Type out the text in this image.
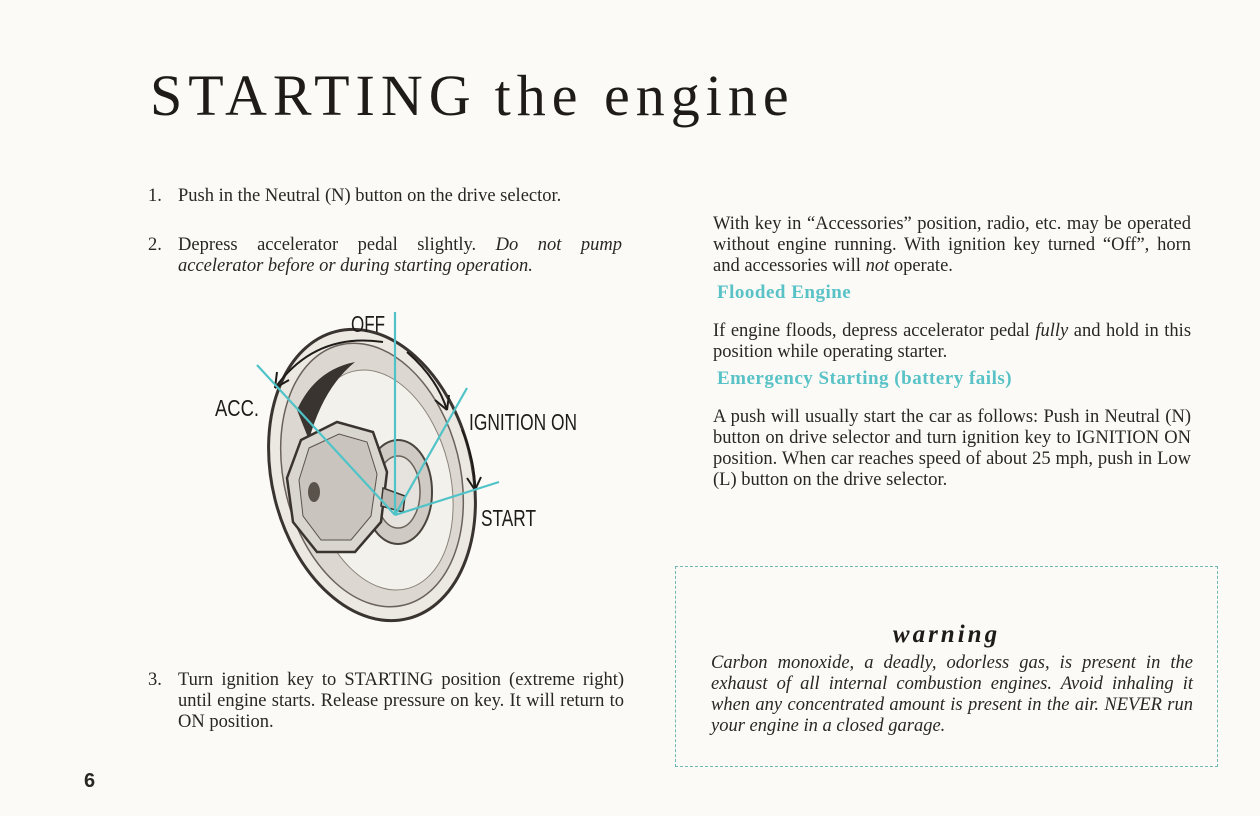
STARTING the engine
1. Push in the Neutral (N) button on the drive selector.
2. Depress accelerator pedal slightly. Do not pump accelerator before or during starting operation.
OFF
ACC.
IGNITION ON
START
3. Turn ignition key to STARTING position (extreme right) until engine starts. Release pressure on key. It will return to ON position.
With key in “Accessories” position, radio, etc. may be operated without engine running. With ignition key turned “Off”, horn and accessories will not operate.
Flooded Engine
If engine floods, depress accelerator pedal fully and hold in this position while operating starter.
Emergency Starting (battery fails)
A push will usually start the car as follows: Push in Neutral (N) button on drive selector and turn ignition key to IGNITION ON position. When car reaches speed of about 25 mph, push in Low (L) button on the drive selector.
warning
Carbon monoxide, a deadly, odorless gas, is present in the exhaust of all internal combustion engines. Avoid inhaling it when any concentrated amount is present in the air. NEVER run your engine in a closed garage.
6
